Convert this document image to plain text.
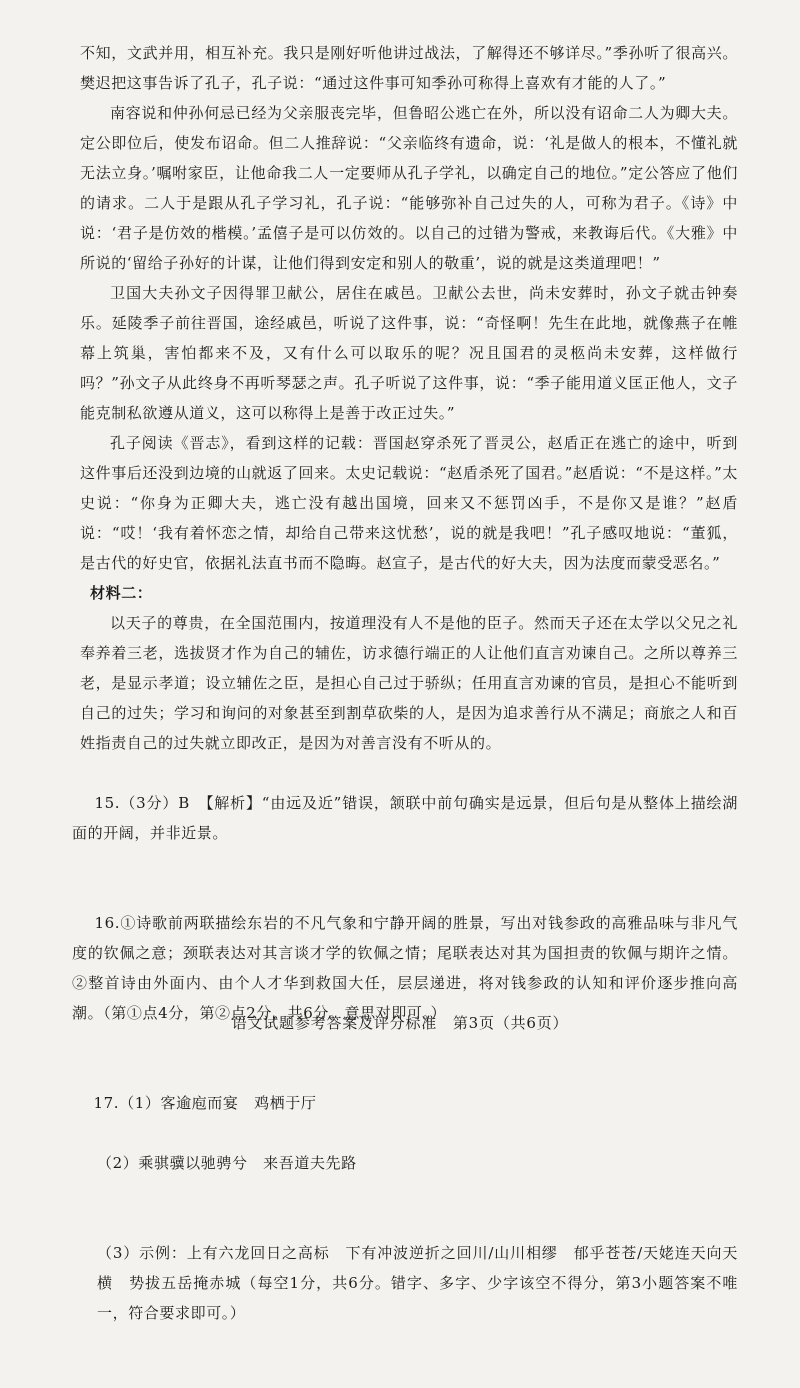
不知，文武并用，相互补充。我只是刚好听他讲过战法，了解得还不够详尽。”季孙听了很高兴。樊迟把这事告诉了孔子，孔子说：“通过这件事可知季孙可称得上喜欢有才能的人了。”

南容说和仲孙何忌已经为父亲服丧完毕，但鲁昭公逃亡在外，所以没有诏命二人为卿大夫。定公即位后，使发布诏命。但二人推辞说：“父亲临终有遗命，说：‘礼是做人的根本，不懂礼就无法立身。’嘱咐家臣，让他命我二人一定要师从孔子学礼，以确定自己的地位。”定公答应了他们的请求。二人于是跟从孔子学习礼，孔子说：“能够弥补自己过失的人，可称为君子。《诗》中说：‘君子是仿效的楷模。’孟僖子是可以仿效的。以自己的过错为警戒，来教诲后代。《大雅》中所说的‘留给子孙好的计谋，让他们得到安定和别人的敬重’，说的就是这类道理吧！”

卫国大夫孙文子因得罪卫献公，居住在戚邑。卫献公去世，尚未安葬时，孙文子就击钟奏乐。延陵季子前往晋国，途经戚邑，听说了这件事，说：“奇怪啊！先生在此地，就像燕子在帷幕上筑巢，害怕都来不及，又有什么可以取乐的呢？况且国君的灵柩尚未安葬，这样做行吗？”孙文子从此终身不再听琴瑟之声。孔子听说了这件事，说：“季子能用道义匡正他人，文子能克制私欲遵从道义，这可以称得上是善于改正过失。”

孔子阅读《晋志》，看到这样的记载：晋国赵穿杀死了晋灵公，赵盾正在逃亡的途中，听到这件事后还没到边境的山就返了回来。太史记载说：“赵盾杀死了国君。”赵盾说：“不是这样。”太史说：“你身为正卿大夫，逃亡没有越出国境，回来又不惩罚凶手，不是你又是谁？”赵盾说：“哎！‘我有着怀恋之情，却给自己带来这忧愁’，说的就是我吧！”孔子感叹地说：“董狐，是古代的好史官，依据礼法直书而不隐晦。赵宣子，是古代的好大夫，因为法度而蒙受恶名。”

材料二：

以天子的尊贵，在全国范围内，按道理没有人不是他的臣子。然而天子还在太学以父兄之礼奉养着三老，选拔贤才作为自己的辅佐，访求德行端正的人让他们直言劝谏自己。之所以尊养三老，是显示孝道；设立辅佐之臣，是担心自己过于骄纵；任用直言劝谏的官员，是担心不能听到自己的过失；学习和询问的对象甚至到割草砍柴的人，是因为追求善行从不满足；商旅之人和百姓指责自己的过失就立即改正，是因为对善言没有不听从的。

15.（3分）B　【解析】“由远及近”错误，颔联中前句确实是远景，但后句是从整体上描绘湖面的开阔，并非近景。

16.①诗歌前两联描绘东岩的不凡气象和宁静开阔的胜景，写出对钱参政的高雅品味与非凡气度的钦佩之意；颈联表达对其言谈才学的钦佩之情；尾联表达对其为国担责的钦佩与期许之情。②整首诗由外面内、由个人才华到救国大任，层层递进，将对钱参政的认知和评价逐步推向高潮。（第①点4分，第②点2分，共6分。意思对即可。）

17.（1）客逾庖而宴　鸡栖于厅

（2）乘骐骥以驰骋兮　来吾道夫先路

（3）示例：上有六龙回日之高标　下有冲波逆折之回川/山川相缪　郁乎苍苍/天姥连天向天横　势拔五岳掩赤城（每空1分，共6分。错字、多字、少字该空不得分，第3小题答案不唯一，符合要求即可。）

语文试题参考答案及评分标准　第3页（共6页）
